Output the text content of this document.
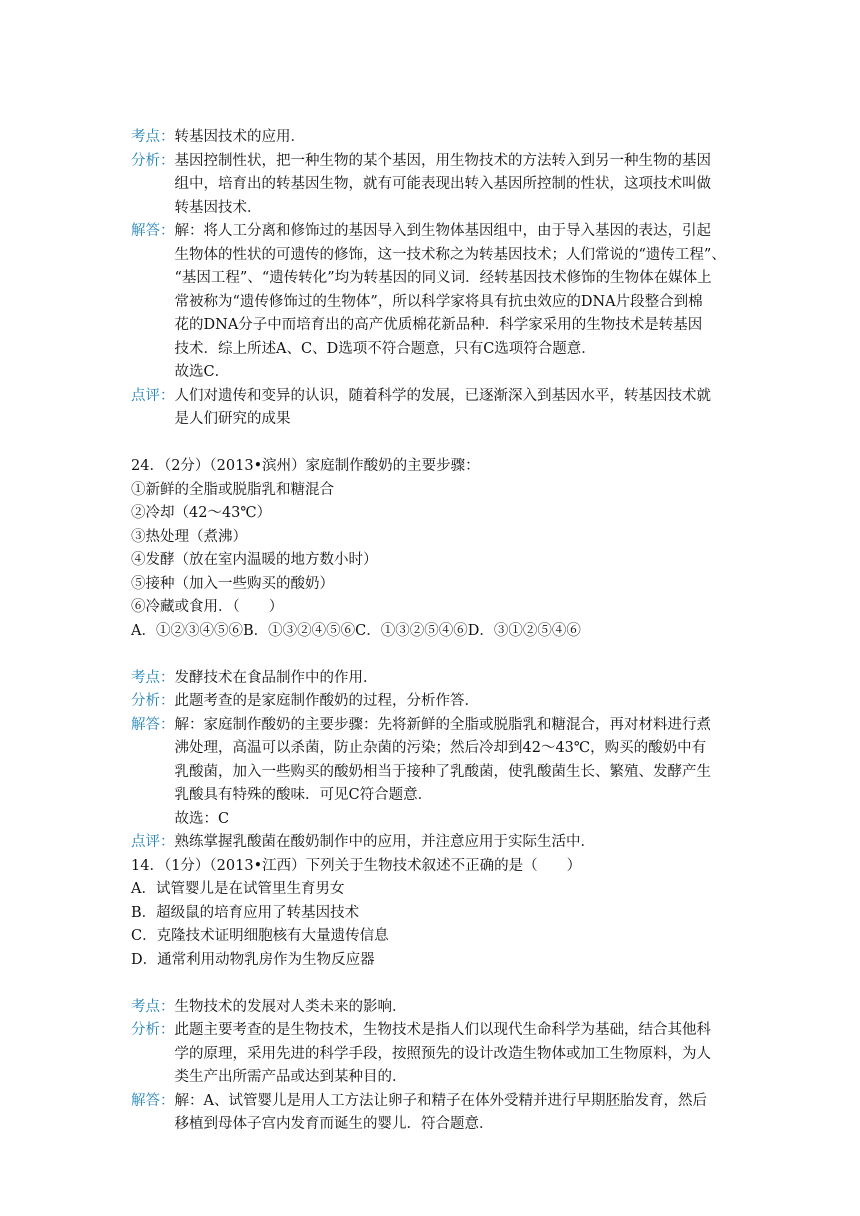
考点： 转基因技术的应用．

分析： 基因控制性状，把一种生物的某个基因，用生物技术的方法转入到另一种生物的基因

组中，培育出的转基因生物，就有可能表现出转入基因所控制的性状，这项技术叫做

转基因技术．

解答： 解：将人工分离和修饰过的基因导入到生物体基因组中，由于导入基因的表达，引起

生物体的性状的可遗传的修饰，这一技术称之为转基因技术；人们常说的“遗传工程”、

“基因工程”、“遗传转化”均为转基因的同义词．经转基因技术修饰的生物体在媒体上

常被称为“遗传修饰过的生物体”，所以科学家将具有抗虫效应的DNA片段整合到棉

花的DNA分子中而培育出的高产优质棉花新品种．科学家采用的生物技术是转基因

技术．综上所述A、C、D选项不符合题意，只有C选项符合题意．

故选C．

点评： 人们对遗传和变异的认识，随着科学的发展，已逐渐深入到基因水平，转基因技术就

是人们研究的成果

24．（2分）（2013•滨州）家庭制作酸奶的主要步骤：

①新鲜的全脂或脱脂乳和糖混合

②冷却（42～43℃）

③热处理（煮沸）

④发酵（放在室内温暖的地方数小时）

⑤接种（加入一些购买的酸奶）

⑥冷藏或食用．（　　）

A．①②③④⑤⑥B．①③②④⑤⑥C．①③②⑤④⑥D．③①②⑤④⑥

考点： 发酵技术在食品制作中的作用．

分析： 此题考查的是家庭制作酸奶的过程，分析作答．

解答： 解：家庭制作酸奶的主要步骤：先将新鲜的全脂或脱脂乳和糖混合，再对材料进行煮

沸处理，高温可以杀菌，防止杂菌的污染；然后冷却到42～43℃，购买的酸奶中有

乳酸菌，加入一些购买的酸奶相当于接种了乳酸菌，使乳酸菌生长、繁殖、发酵产生

乳酸具有特殊的酸味．可见C符合题意．

故选：C

点评： 熟练掌握乳酸菌在酸奶制作中的应用，并注意应用于实际生活中．

14．（1分）（2013•江西）下列关于生物技术叙述不正确的是（　　）

A．试管婴儿是在试管里生育男女

B．超级鼠的培育应用了转基因技术

C．克隆技术证明细胞核有大量遗传信息

D．通常利用动物乳房作为生物反应器

考点： 生物技术的发展对人类未来的影响．

分析： 此题主要考查的是生物技术，生物技术是指人们以现代生命科学为基础，结合其他科

学的原理，采用先进的科学手段，按照预先的设计改造生物体或加工生物原料，为人

类生产出所需产品或达到某种目的．

解答： 解：A、试管婴儿是用人工方法让卵子和精子在体外受精并进行早期胚胎发育，然后

移植到母体子宫内发育而诞生的婴儿．符合题意．
